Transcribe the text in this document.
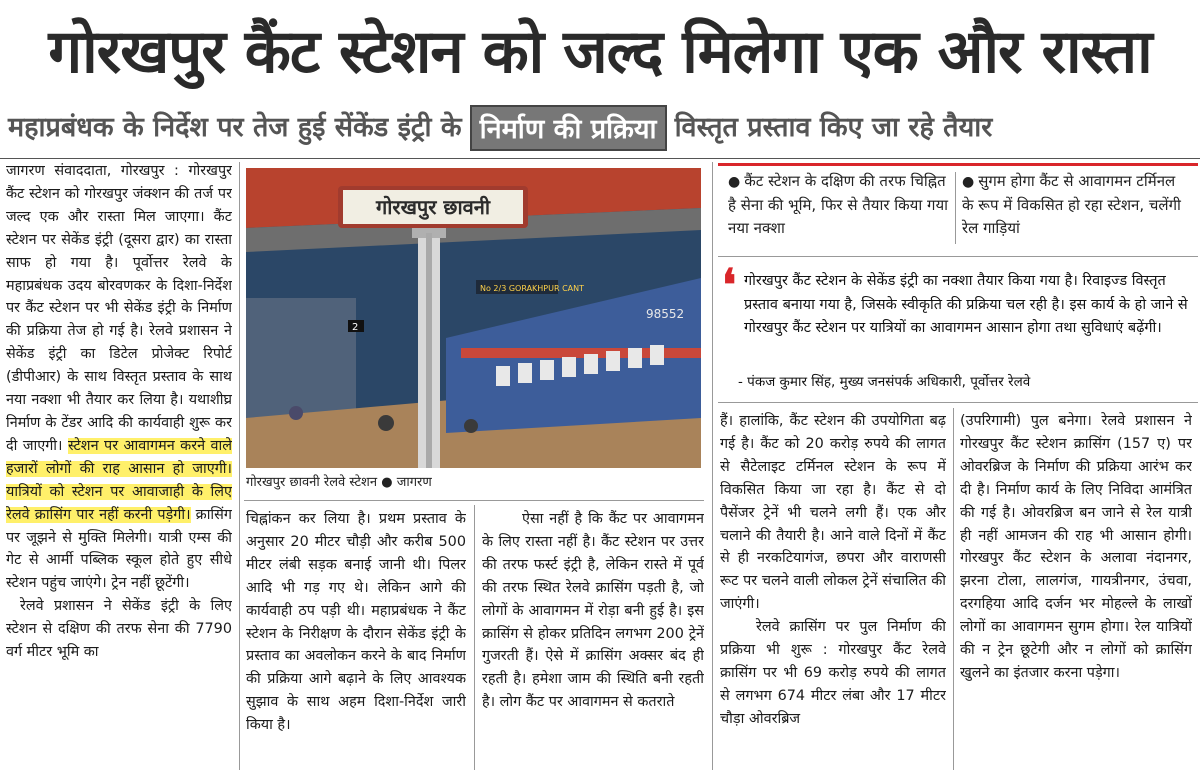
गोरखपुर कैंट स्टेशन को जल्द मिलेगा एक और रास्ता
महाप्रबंधक के निर्देश पर तेज हुई सेंकेंड इंट्री के निर्माण की प्रक्रिया विस्तृत प्रस्ताव किए जा रहे तैयार

जागरण संवाददाता, गोरखपुर : गोरखपुर कैंट स्टेशन को गोरखपुर जंक्शन की तर्ज पर जल्द एक और रास्ता मिल जाएगा। कैंट स्टेशन पर सेकेंड इंट्री (दूसरा द्वार) का रास्ता साफ हो गया है। पूर्वोत्तर रेलवे के महाप्रबंधक उदय बोरवणकर के दिशा-निर्देश पर कैंट स्टेशन पर भी सेकेंड इंट्री के निर्माण की प्रक्रिया तेज हो गई है। रेलवे प्रशासन ने सेकेंड इंट्री का डिटेल प्रोजेक्ट रिपोर्ट (डीपीआर) के साथ विस्तृत प्रस्ताव के साथ नया नक्शा भी तैयार कर लिया है। यथाशीघ्र निर्माण के टेंडर आदि की कार्यवाही शुरू कर दी जाएगी। स्टेशन पर आवागमन करने वाले हजारों लोगों की राह आसान हो जाएगी। यात्रियों को स्टेशन पर आवाजाही के लिए रेलवे क्रासिंग पार नहीं करनी पड़ेगी। क्रासिंग पर जूझने से मुक्ति मिलेगी। यात्री एम्स की गेट से आर्मी पब्लिक स्कूल होते हुए सीधे स्टेशन पहुंच जाएंगे। ट्रेन नहीं छूटेंगी।

रेलवे प्रशासन ने सेकेंड इंट्री के लिए स्टेशन से दक्षिण की तरफ सेना की 7790 वर्ग मीटर भूमि का

98552
गोरखपुर छावनी
No 2/3 GORAKHPUR CANT
2
गोरखपुर छावनी रेलवे स्टेशन ● जागरण

चिह्नांकन कर लिया है। प्रथम प्रस्ताव के अनुसार 20 मीटर चौड़ी और करीब 500 मीटर लंबी सड़क बनाई जानी थी। पिलर आदि भी गड़ गए थे। लेकिन आगे की कार्यवाही ठप पड़ी थी। महाप्रबंधक ने कैंट स्टेशन के निरीक्षण के दौरान सेकेंड इंट्री के प्रस्ताव का अवलोकन करने के बाद निर्माण की प्रक्रिया आगे बढ़ाने के लिए आवश्यक सुझाव के साथ अहम दिशा-निर्देश जारी किया है।

ऐसा नहीं है कि कैंट पर आवागमन के लिए रास्ता नहीं है। कैंट स्टेशन पर उत्तर की तरफ फर्स्ट इंट्री है, लेकिन रास्ते में पूर्व की तरफ स्थित रेलवे क्रासिंग पड़ती है, जो लोगों के आवागमन में रोड़ा बनी हुई है। इस क्रासिंग से होकर प्रतिदिन लगभग 200 ट्रेनें गुजरती हैं। ऐसे में क्रासिंग अक्सर बंद ही रहती है। हमेशा जाम की स्थिति बनी रहती है। लोग कैंट पर आवागमन से कतराते

● कैंट स्टेशन के दक्षिण की तरफ चिह्नित है सेना की भूमि, फिर से तैयार किया गया नया नक्शा
● सुगम होगा कैंट से आवागमन टर्मिनल के रूप में विकसित हो रहा स्टेशन, चलेंगी रेल गाड़ियां
❛ गोरखपुर कैंट स्टेशन के सेकेंड इंट्री का नक्शा तैयार किया गया है। रिवाइज्ड विस्तृत प्रस्ताव बनाया गया है, जिसके स्वीकृति की प्रक्रिया चल रही है। इस कार्य के हो जाने से गोरखपुर कैंट स्टेशन पर यात्रियों का आवागमन आसान होगा तथा सुविधाएं बढ़ेंगी।
- पंकज कुमार सिंह, मुख्य जनसंपर्क अधिकारी, पूर्वोत्तर रेलवे

हैं। हालांकि, कैंट स्टेशन की उपयोगिता बढ़ गई है। कैंट को 20 करोड़ रुपये की लागत से सैटेलाइट टर्मिनल स्टेशन के रूप में विकसित किया जा रहा है। कैंट से दो पैसेंजर ट्रेनें भी चलने लगी हैं। एक और चलाने की तैयारी है। आने वाले दिनों में कैंट से ही नरकटियागंज, छपरा और वाराणसी रूट पर चलने वाली लोकल ट्रेनें संचालित की जाएंगी।

रेलवे क्रासिंग पर पुल निर्माण की प्रक्रिया भी शुरू : गोरखपुर कैंट रेलवे क्रासिंग पर भी 69 करोड़ रुपये की लागत से लगभग 674 मीटर लंबा और 17 मीटर चौड़ा ओवरब्रिज

(उपरिगामी) पुल बनेगा। रेलवे प्रशासन ने गोरखपुर कैंट स्टेशन क्रासिंग (157 ए) पर ओवरब्रिज के निर्माण की प्रक्रिया आरंभ कर दी है। निर्माण कार्य के लिए निविदा आमंत्रित की गई है। ओवरब्रिज बन जाने से रेल यात्री ही नहीं आमजन की राह भी आसान होगी। गोरखपुर कैंट स्टेशन के अलावा नंदानगर, झरना टोला, लालगंज, गायत्रीनगर, उंचवा, दरगहिया आदि दर्जन भर मोहल्ले के लाखों लोगों का आवागमन सुगम होगा। रेल यात्रियों की न ट्रेन छूटेगी और न लोगों को क्रासिंग खुलने का इंतजार करना पड़ेगा।
